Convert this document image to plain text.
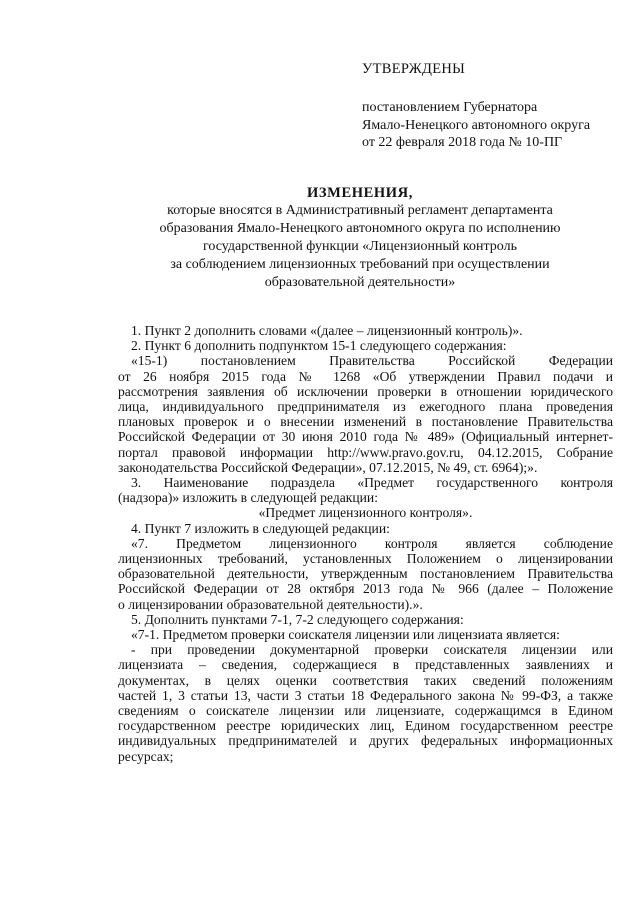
УТВЕРЖДЕНЫ
постановлением Губернатора
Ямало-Ненецкого автономного округа
от 22 февраля 2018 года № 10-ПГ
ИЗМЕНЕНИЯ,
которые вносятся в Административный регламент департамента
образования Ямало-Ненецкого автономного округа по исполнению
государственной функции «Лицензионный контроль
за соблюдением лицензионных требований при осуществлении
образовательной деятельности»
1. Пункт 2 дополнить словами «(далее – лицензионный контроль)».
2. Пункт 6 дополнить подпунктом 15-1 следующего содержания:
«15-1) постановлением Правительства Российской Федерации
от 26 ноября 2015 года № 1268 «Об утверждении Правил подачи и
рассмотрения заявления об исключении проверки в отношении юридического
лица, индивидуального предпринимателя из ежегодного плана проведения
плановых проверок и о внесении изменений в постановление Правительства
Российской Федерации от 30 июня 2010 года № 489» (Официальный интернет-
портал правовой информации http://www.pravo.gov.ru, 04.12.2015, Собрание
законодательства Российской Федерации», 07.12.2015, № 49, ст. 6964);».
3. Наименование подраздела «Предмет государственного контроля
(надзора)» изложить в следующей редакции:
«Предмет лицензионного контроля».
4. Пункт 7 изложить в следующей редакции:
«7. Предметом лицензионного контроля является соблюдение
лицензионных требований, установленных Положением о лицензировании
образовательной деятельности, утвержденным постановлением Правительства
Российской Федерации от 28 октября 2013 года № 966 (далее – Положение
о лицензировании образовательной деятельности).».
5. Дополнить пунктами 7-1, 7-2 следующего содержания:
«7-1. Предметом проверки соискателя лицензии или лицензиата является:
- при проведении документарной проверки соискателя лицензии или
лицензиата – сведения, содержащиеся в представленных заявлениях и
документах, в целях оценки соответствия таких сведений положениям
частей 1, 3 статьи 13, части 3 статьи 18 Федерального закона № 99-ФЗ, а также
сведениям о соискателе лицензии или лицензиате, содержащимся в Едином
государственном реестре юридических лиц, Едином государственном реестре
индивидуальных предпринимателей и других федеральных информационных
ресурсах;
